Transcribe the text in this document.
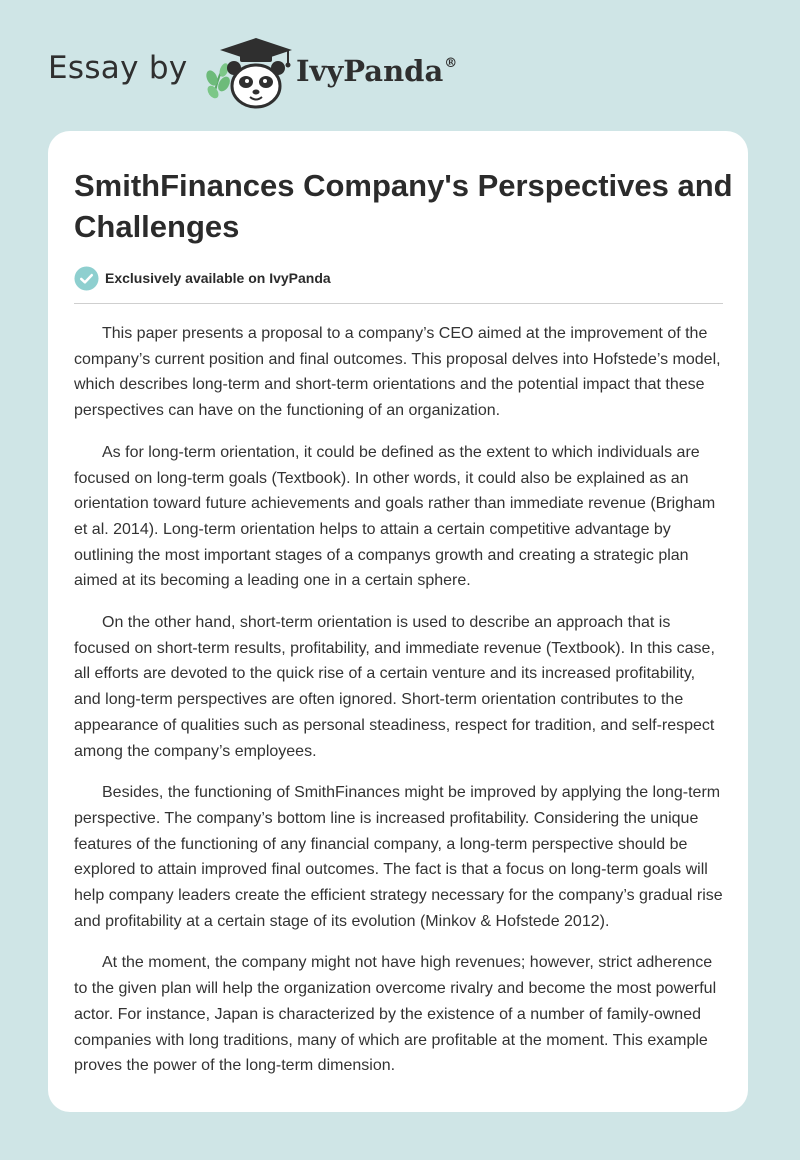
Essay by	IvyPanda®
SmithFinances Company's Perspectives and Challenges
Exclusively available on IvyPanda

This paper presents a proposal to a company’s CEO aimed at the improvement of the company’s current position and final outcomes. This proposal delves into Hofstede’s model, which describes long-term and short-term orientations and the potential impact that these perspectives can have on the functioning of an organization.

As for long-term orientation, it could be defined as the extent to which individuals are focused on long-term goals (Textbook). In other words, it could also be explained as an orientation toward future achievements and goals rather than immediate revenue (Brigham et al. 2014). Long-term orientation helps to attain a certain competitive advantage by outlining the most important stages of a companys growth and creating a strategic plan aimed at its becoming a leading one in a certain sphere.

On the other hand, short-term orientation is used to describe an approach that is focused on short-term results, profitability, and immediate revenue (Textbook). In this case, all efforts are devoted to the quick rise of a certain venture and its increased profitability, and long-term perspectives are often ignored. Short-term orientation contributes to the appearance of qualities such as personal steadiness, respect for tradition, and self-respect among the company’s employees.

Besides, the functioning of SmithFinances might be improved by applying the long-term perspective. The company’s bottom line is increased profitability. Considering the unique features of the functioning of any financial company, a long-term perspective should be explored to attain improved final outcomes. The fact is that a focus on long-term goals will help company leaders create the efficient strategy necessary for the company’s gradual rise and profitability at a certain stage of its evolution (Minkov & Hofstede 2012).

At the moment, the company might not have high revenues; however, strict adherence to the given plan will help the organization overcome rivalry and become the most powerful actor. For instance, Japan is characterized by the existence of a number of family-owned companies with long traditions, many of which are profitable at the moment. This example proves the power of the long-term dimension.
